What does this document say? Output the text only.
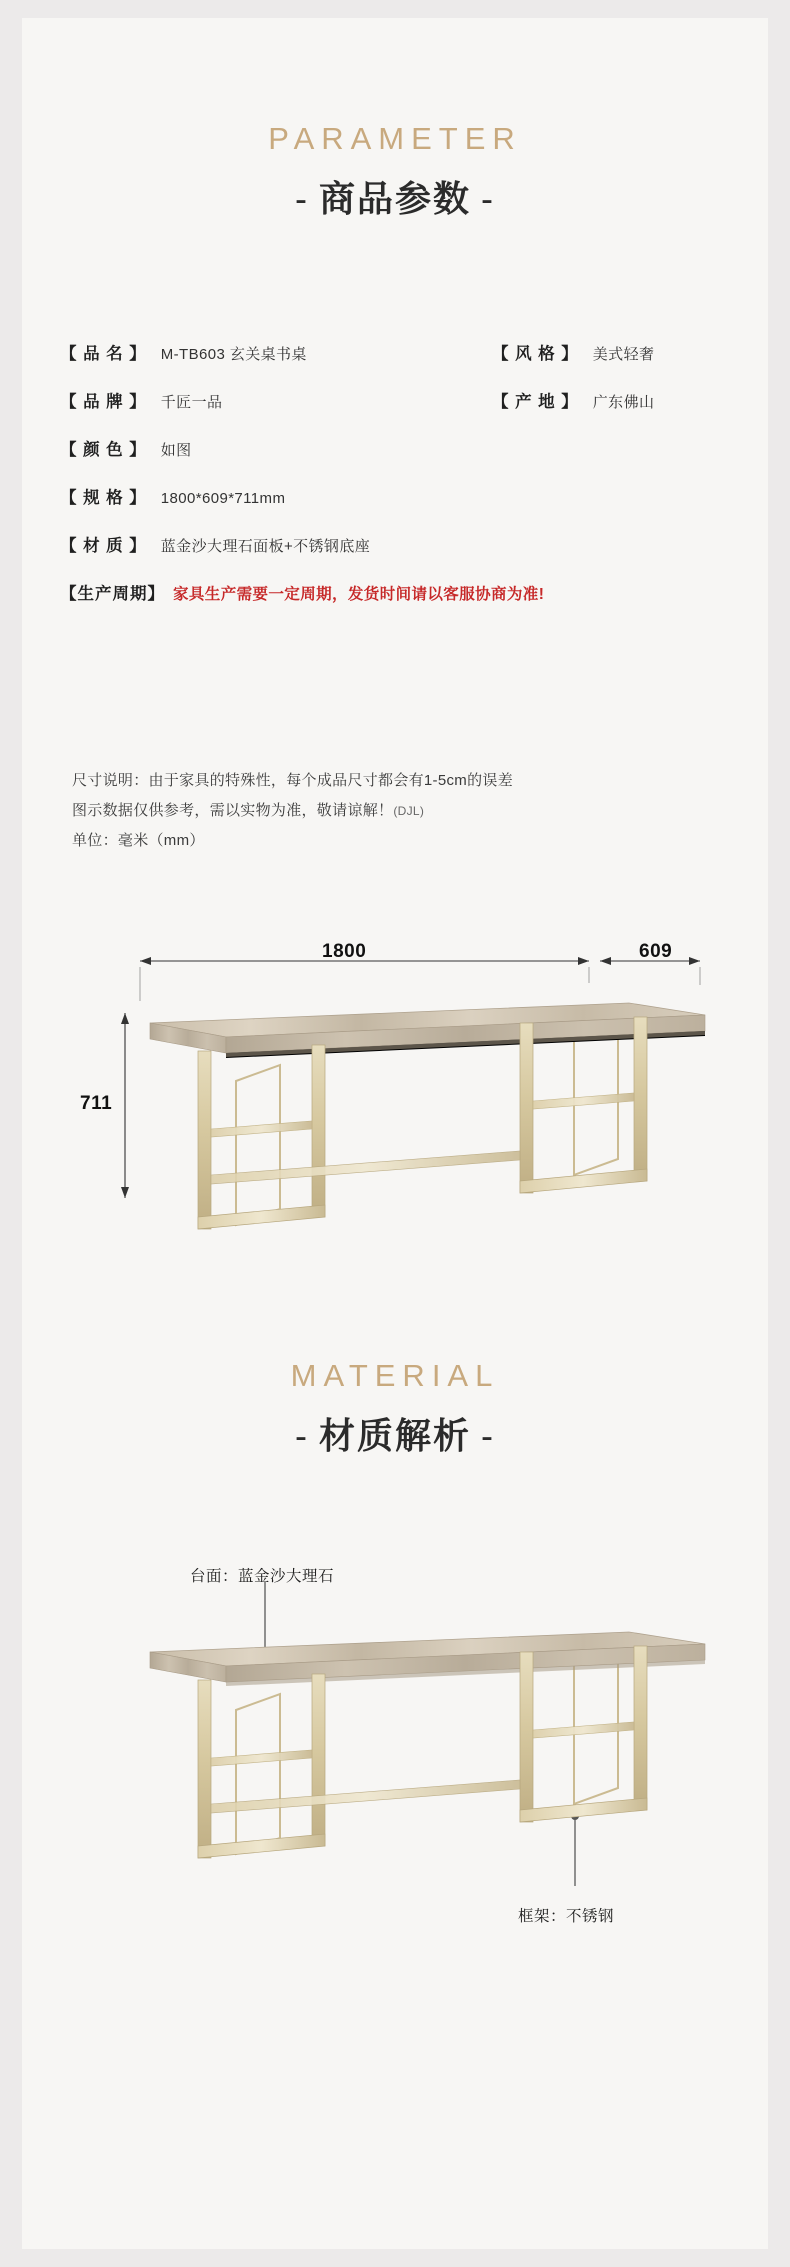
PARAMETER
- 商品参数 -
【 品 名 】 M-TB603 玄关桌书桌	【 风 格 】 美式轻奢
【 品 牌 】 千匠一品	【 产 地 】 广东佛山
【 颜 色 】 如图
【 规 格 】 1800*609*711mm
【 材 质 】 蓝金沙大理石面板+不锈钢底座
【生产周期】 家具生产需要一定周期，发货时间请以客服协商为准!
尺寸说明：由于家具的特殊性，每个成品尺寸都会有1-5cm的误差
图示数据仅供参考，需以实物为准，敬请谅解！(DJL)
单位：毫米（mm）
1800	609
711
MATERIAL
- 材质解析 -
台面：蓝金沙大理石
框架：不锈钢
